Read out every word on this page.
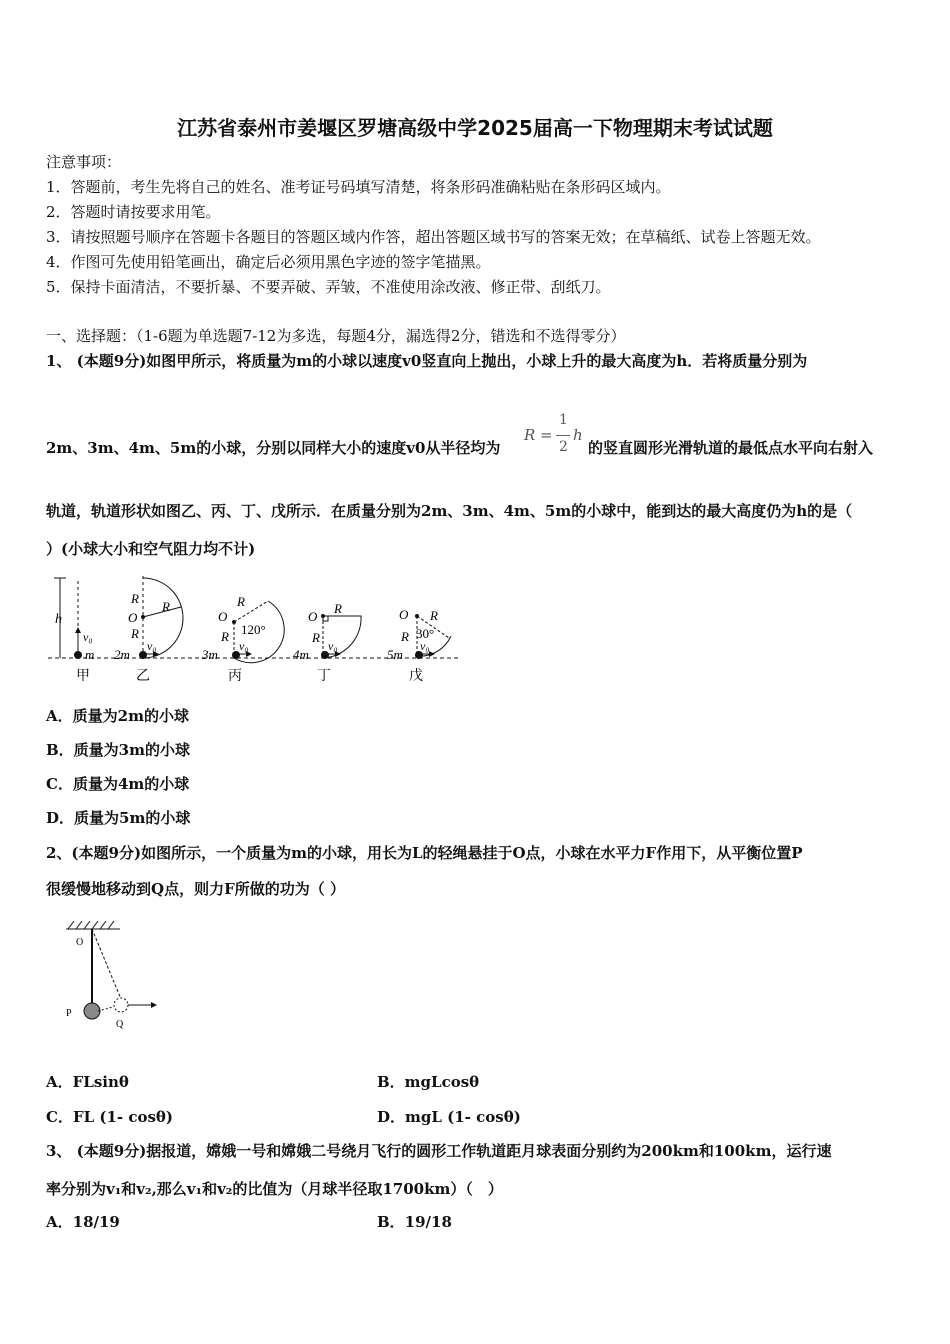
江苏省泰州市姜堰区罗塘高级中学2025届高一下物理期末考试试题
注意事项：
1．答题前，考生先将自己的姓名、准考证号码填写清楚，将条形码准确粘贴在条形码区域内。
2．答题时请按要求用笔。
3．请按照题号顺序在答题卡各题目的答题区域内作答，超出答题区域书写的答案无效；在草稿纸、试卷上答题无效。
4．作图可先使用铅笔画出，确定后必须用黑色字迹的签字笔描黑。
5．保持卡面清洁，不要折暴、不要弄破、弄皱，不准使用涂改液、修正带、刮纸刀。
一、选择题：（1-6题为单选题7-12为多选，每题4分，漏选得2分，错选和不选得零分）
1、 (本题9分)如图甲所示，将质量为m的小球以速度v0竖直向上抛出，小球上升的最大高度为h．若将质量分别为
2m、3m、4m、5m的小球，分别以同样大小的速度v0从半径均为
R =
1
2
h
的竖直圆形光滑轨道的最低点水平向右射入
轨道，轨道形状如图乙、丙、丁、戊所示．在质量分别为2m、3m、4m、5m的小球中，能到达的最大高度仍为h的是（
）(小球大小和空气阻力均不计)
h
v₀
m
甲
R
O
R
R
v₀
2m
乙
O
R
R 120°
v₀
3m
丙
O
R
R
v₀
4m
丁
O R
R 30°
v₀
5m
戊
A．质量为2m的小球
B．质量为3m的小球
C．质量为4m的小球
D．质量为5m的小球
2、(本题9分)如图所示，一个质量为m的小球，用长为L的轻绳悬挂于O点，小球在水平力F作用下，从平衡位置P
很缓慢地移动到Q点，则力F所做的功为（ ）
O
P
Q
A．FLsinθ	B．mgLcosθ
C．FL (1- cosθ)	D．mgL (1- cosθ)
3、 (本题9分)据报道，嫦娥一号和嫦娥二号绕月飞行的圆形工作轨道距月球表面分别约为200km和100km，运行速
率分别为v₁和v₂,那么v₁和v₂的比值为（月球半径取1700km）（　）
A．18/19	B．19/18
